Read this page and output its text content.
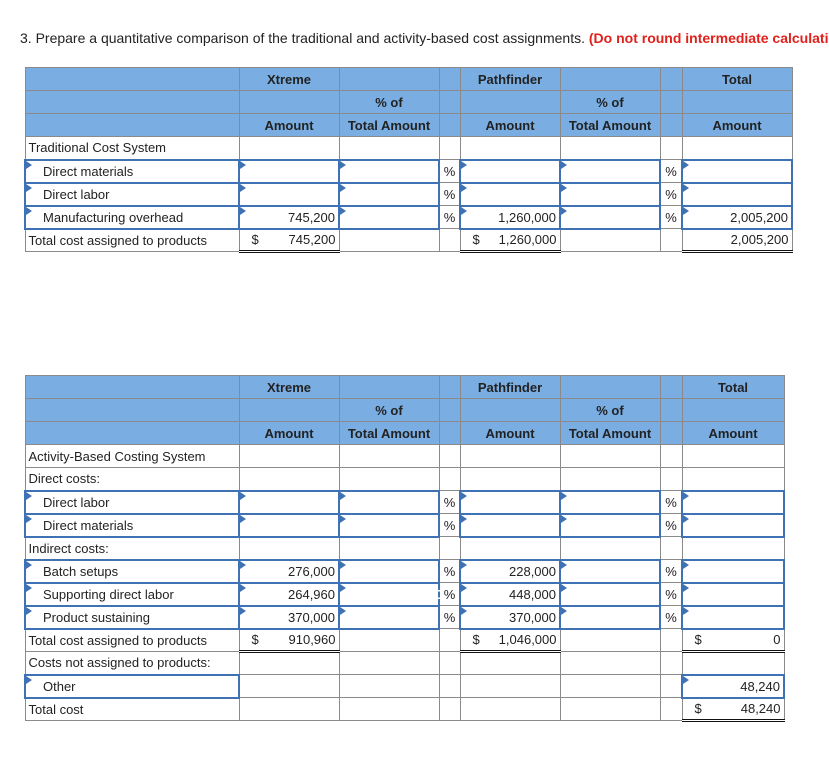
3. Prepare a quantitative comparison of the traditional and activity-based cost assignments. (Do not round intermediate calculati
	Xtreme			Pathfinder			Total
		% of			% of		
	Amount	Total Amount		Amount	Total Amount		Amount
Traditional Cost System							
Direct materials			%			%	
Direct labor			%			%	
Manufacturing overhead	745,200		%	1,260,000		%	2,005,200
Total cost assigned to products	$ 745,200			$ 1,260,000			2,005,200
	Xtreme			Pathfinder			Total
		% of			% of		
	Amount	Total Amount		Amount	Total Amount		Amount
Activity-Based Costing System							
Direct costs:							
Direct labor			%			%	
Direct materials			%			%	
Indirect costs:							
Batch setups	276,000		%	228,000		%	
Supporting direct labor	264,960		%	448,000		%	
Product sustaining	370,000		%	370,000		%	
Total cost assigned to products	$ 910,960			$ 1,046,000			$ 0
Costs not assigned to products:							
Other							48,240
Total cost							$ 48,240
